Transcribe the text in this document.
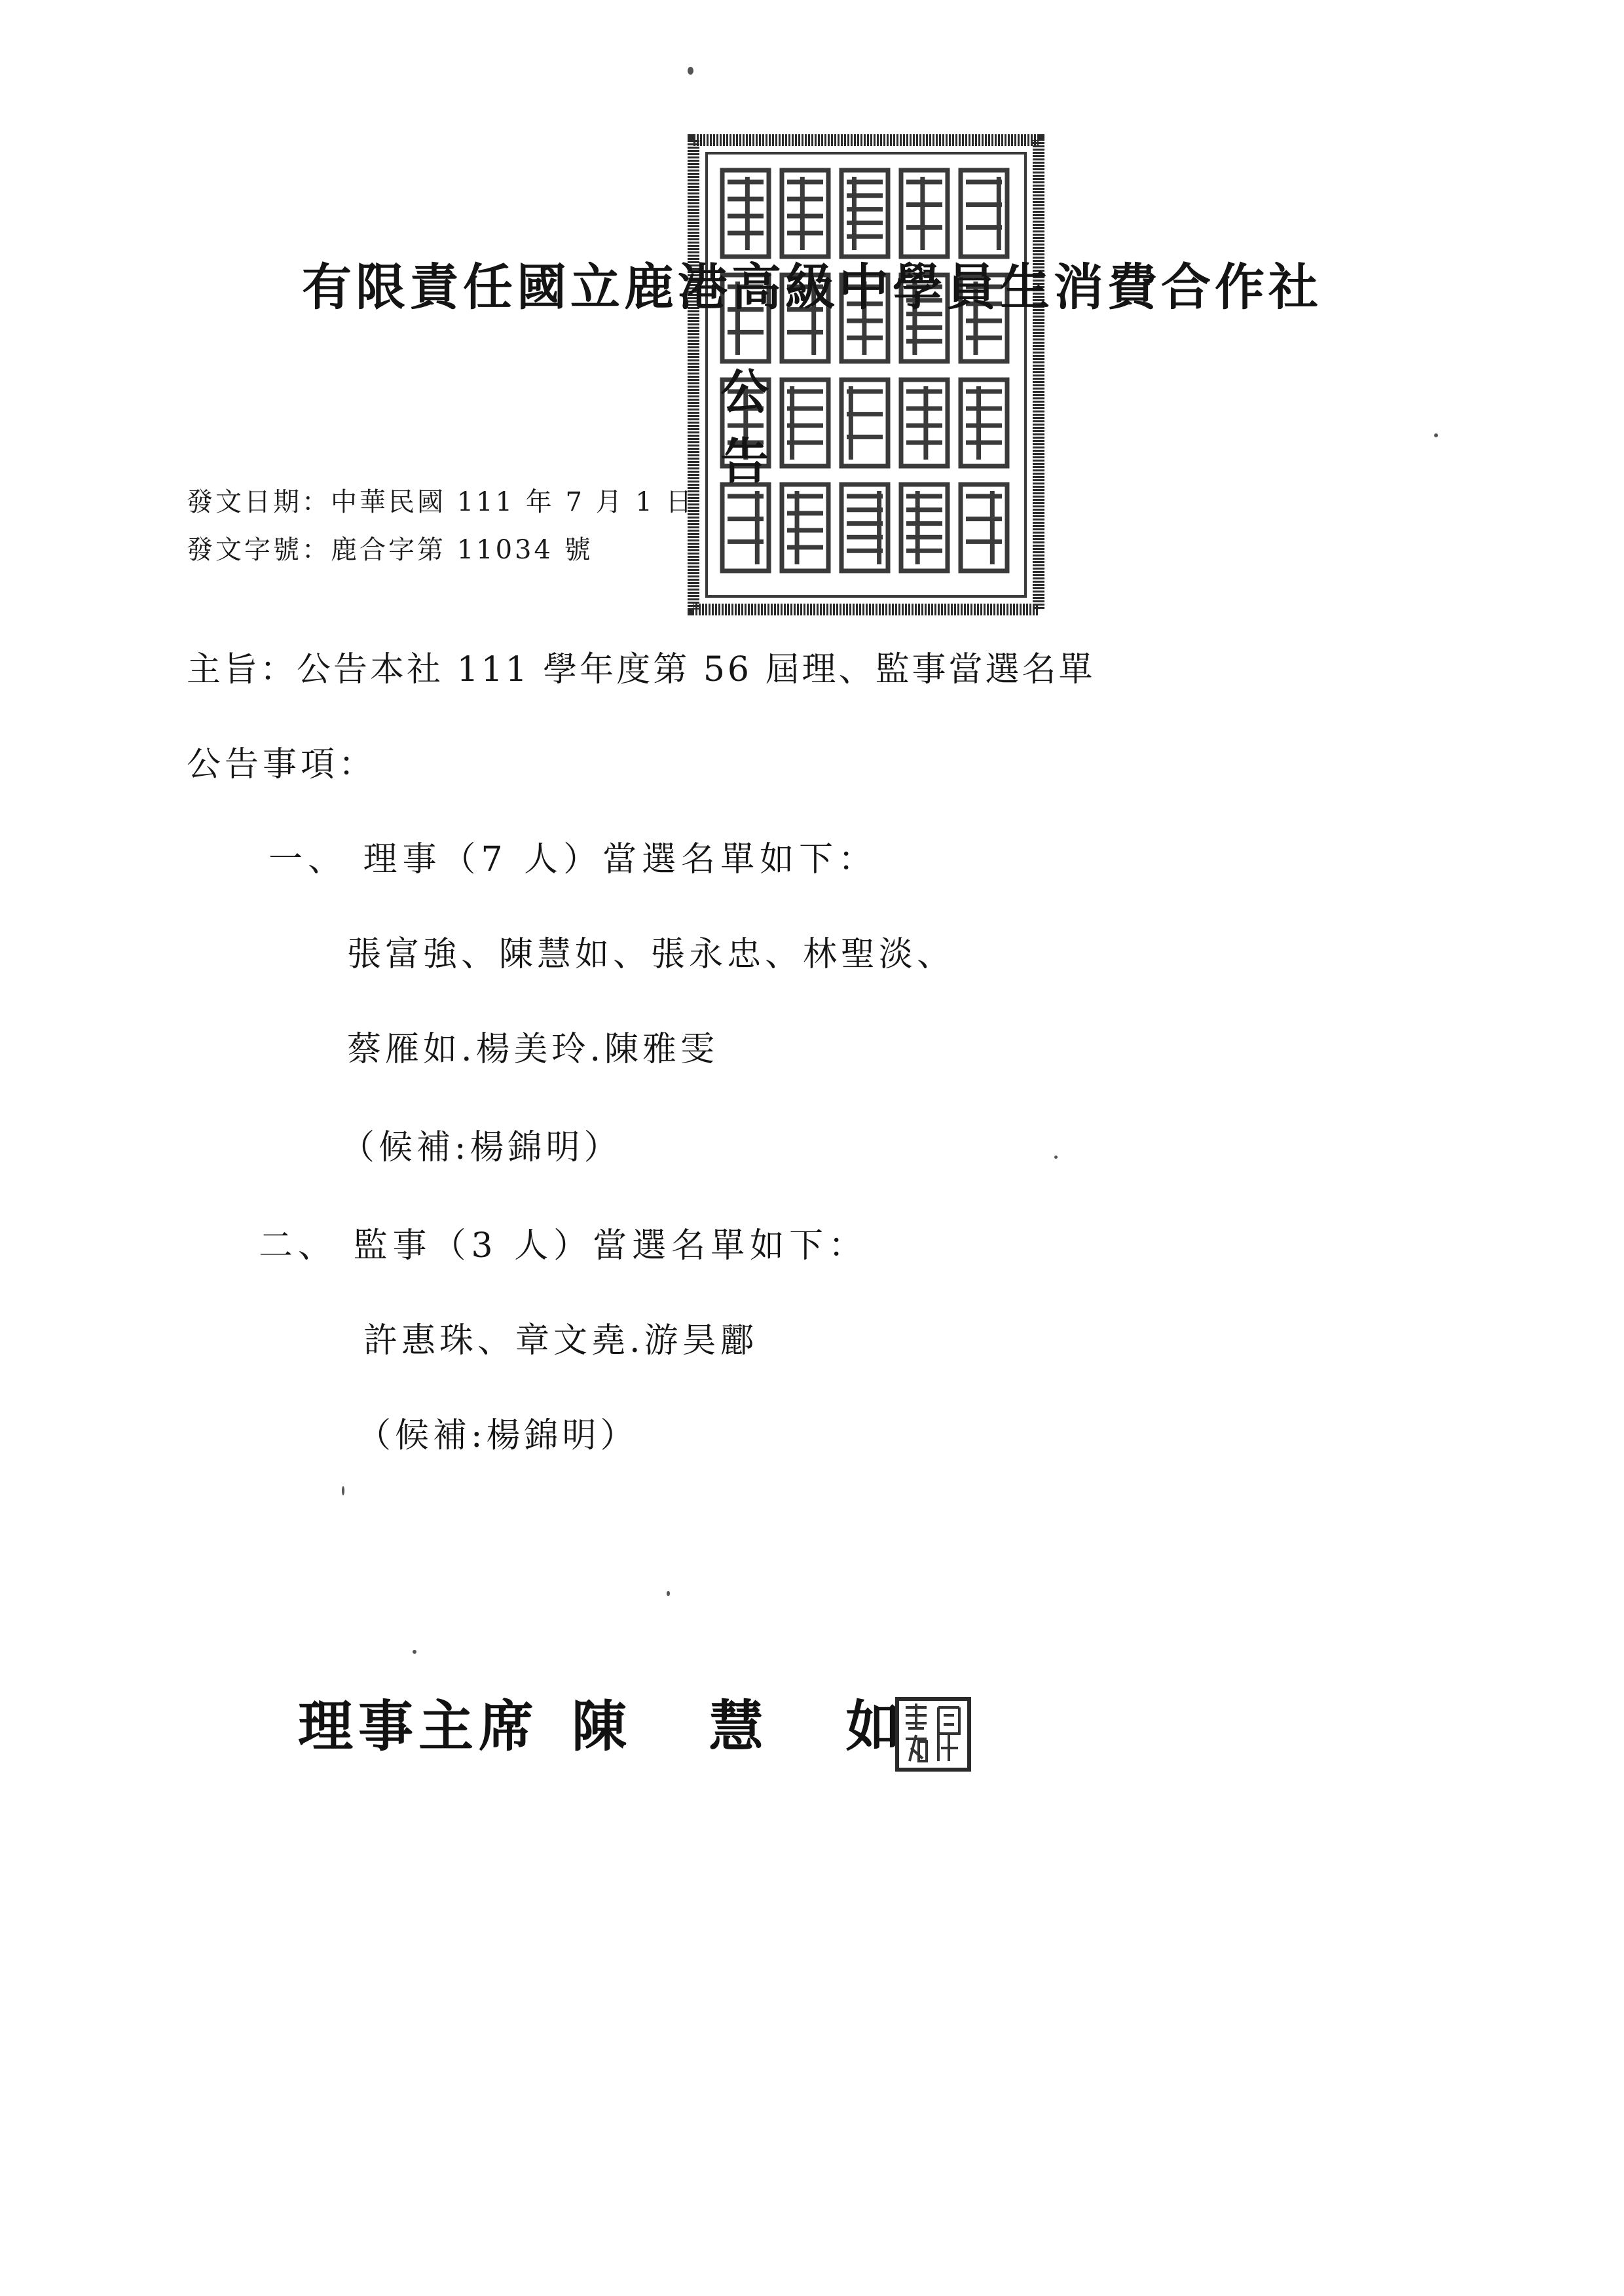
有限責任國立鹿港高級中學員生消費合作社
公告
發文日期：中華民國 111 年 7 月 1 日
發文字號：鹿合字第 11034 號
主旨：公告本社 111 學年度第 56 屆理、監事當選名單
公告事項：
一、 理事（7 人）當選名單如下：
張富強、陳慧如、張永忠、林聖淡、
蔡雁如.楊美玲.陳雅雯
（候補:楊錦明）
二、 監事（3 人）當選名單如下：
許惠珠、章文堯.游昊酈
（候補:楊錦明）
理事主席 陳 慧 如
